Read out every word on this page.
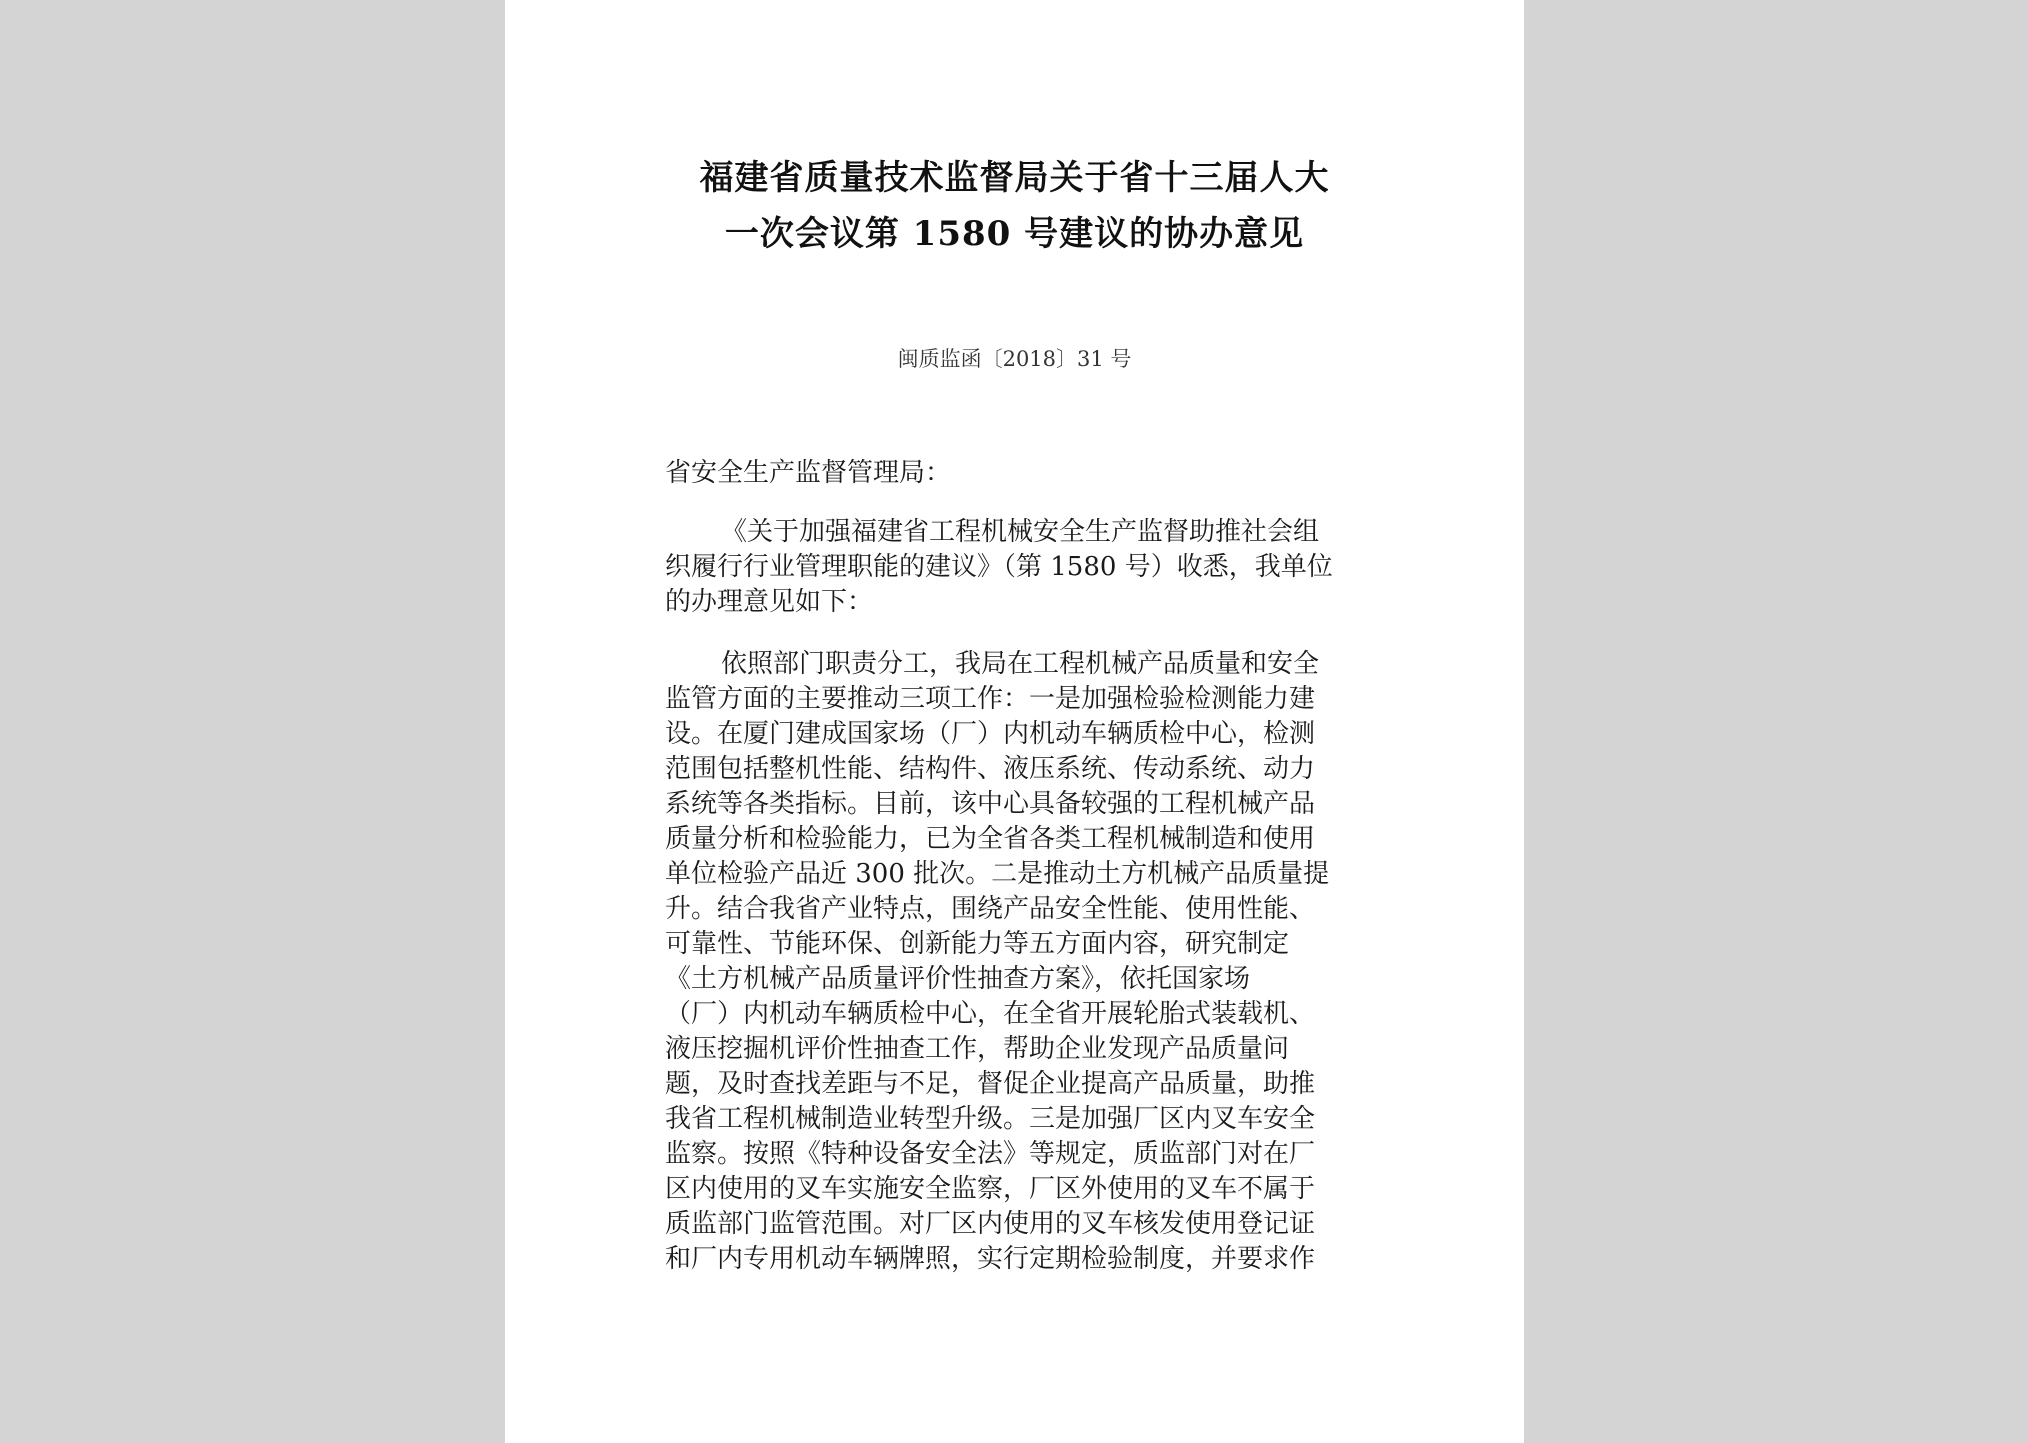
福建省质量技术监督局关于省十三届人大
一次会议第 1580 号建议的协办意见
闽质监函〔2018〕31 号

省安全生产监督管理局：

《关于加强福建省工程机械安全生产监督助推社会组
织履行行业管理职能的建议》（第 1580 号）收悉，我单位
的办理意见如下：

依照部门职责分工，我局在工程机械产品质量和安全
监管方面的主要推动三项工作：一是加强检验检测能力建
设。在厦门建成国家场（厂）内机动车辆质检中心，检测
范围包括整机性能、结构件、液压系统、传动系统、动力
系统等各类指标。目前，该中心具备较强的工程机械产品
质量分析和检验能力，已为全省各类工程机械制造和使用
单位检验产品近 300 批次。二是推动土方机械产品质量提
升。结合我省产业特点，围绕产品安全性能、使用性能、
可靠性、节能环保、创新能力等五方面内容，研究制定
《土方机械产品质量评价性抽查方案》，依托国家场
（厂）内机动车辆质检中心，在全省开展轮胎式装载机、
液压挖掘机评价性抽查工作，帮助企业发现产品质量问
题，及时查找差距与不足，督促企业提高产品质量，助推
我省工程机械制造业转型升级。三是加强厂区内叉车安全
监察。按照《特种设备安全法》等规定，质监部门对在厂
区内使用的叉车实施安全监察，厂区外使用的叉车不属于
质监部门监管范围。对厂区内使用的叉车核发使用登记证
和厂内专用机动车辆牌照，实行定期检验制度，并要求作
